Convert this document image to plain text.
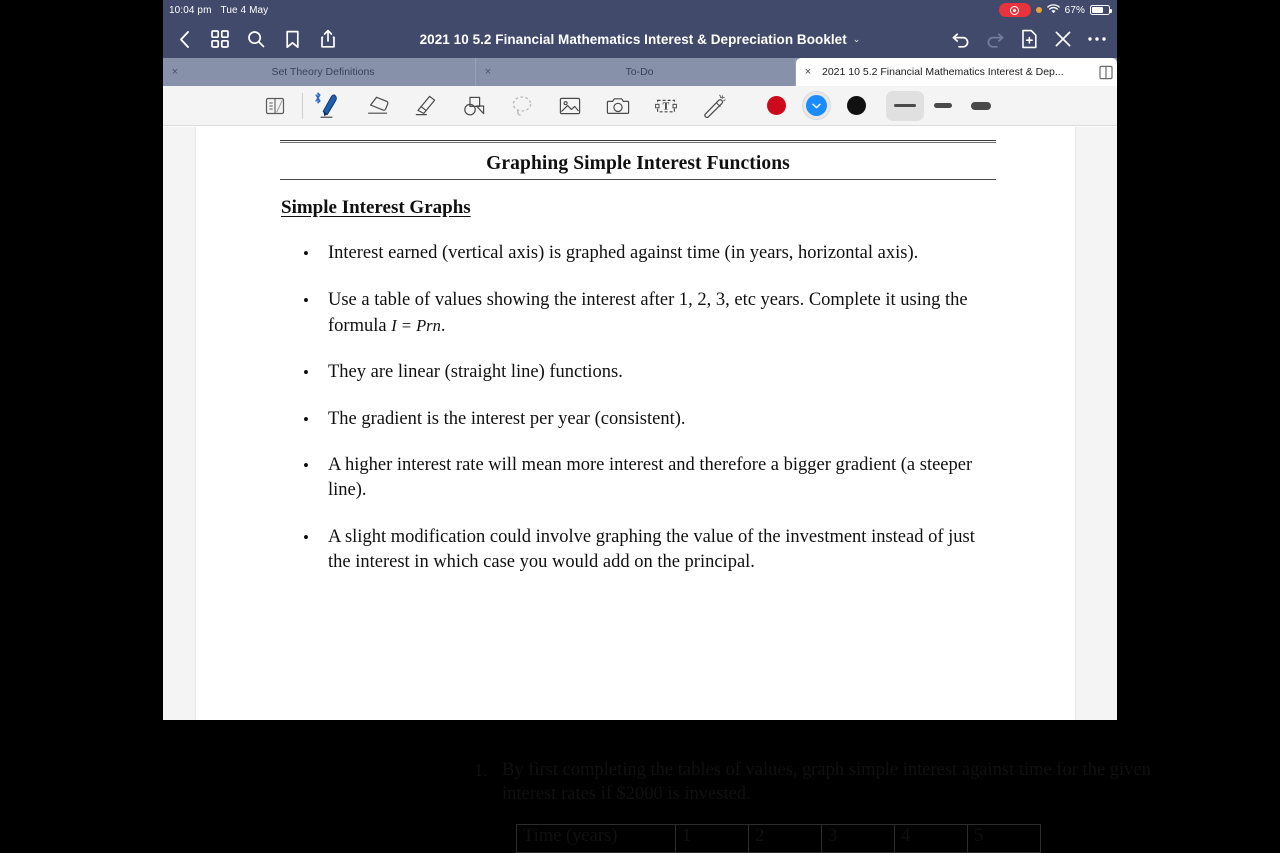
10:04 pm Tue 4 May	67%
2021 10 5.2 Financial Mathematics Interest & Depreciation Booklet ⌄
×	Set Theory Definitions	×	To-Do	×	2021 10 5.2 Financial Mathematics Interest & Dep...
T
Graphing Simple Interest Functions
Simple Interest Graphs
•	Interest earned (vertical axis) is graphed against time (in years, horizontal axis).
•	Use a table of values showing the interest after 1, 2, 3, etc years. Complete it using the formula I = Prn.
•	They are linear (straight line) functions.
•	The gradient is the interest per year (consistent).
•	A higher interest rate will mean more interest and therefore a bigger gradient (a steeper line).
•	A slight modification could involve graphing the value of the investment instead of just the interest in which case you would add on the principal.
1. By first completing the tables of values, graph simple interest against time for the given interest rates if $2000 is invested.
Time (years)	1	2	3	4	5
